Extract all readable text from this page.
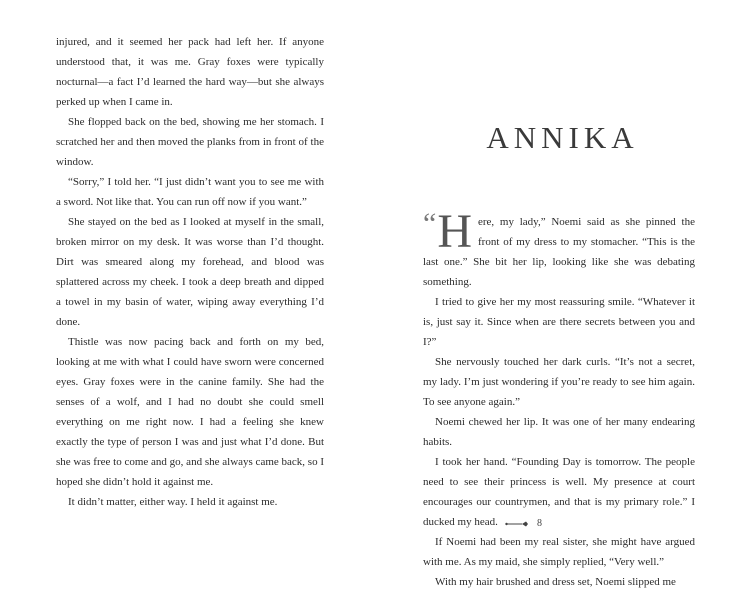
injured, and it seemed her pack had left her. If anyone understood that, it was me. Gray foxes were typically nocturnal—a fact I’d learned the hard way—but she always perked up when I came in.

She flopped back on the bed, showing me her stomach. I scratched her and then moved the planks from in front of the window.

“Sorry,” I told her. “I just didn’t want you to see me with a sword. Not like that. You can run off now if you want.”

She stayed on the bed as I looked at myself in the small, broken mirror on my desk. It was worse than I’d thought. Dirt was smeared along my forehead, and blood was splattered across my cheek. I took a deep breath and dipped a towel in my basin of water, wiping away everything I’d done.

Thistle was now pacing back and forth on my bed, looking at me with what I could have sworn were concerned eyes. Gray foxes were in the canine family. She had the senses of a wolf, and I had no doubt she could smell everything on me right now. I had a feeling she knew exactly the type of person I was and just what I’d done. But she was free to come and go, and she always came back, so I hoped she didn’t hold it against me.

It didn’t matter, either way. I held it against me.

ANNIKA

“H ere, my lady,” Noemi said as she pinned the front of my dress to my stomacher. “This is the last one.” She bit her lip, looking like she was debating something.

I tried to give her my most reassuring smile. “Whatever it is, just say it. Since when are there secrets between you and I?”

She nervously touched her dark curls. “It’s not a secret, my lady. I’m just wondering if you’re ready to see him again. To see anyone again.”

Noemi chewed her lip. It was one of her many endearing habits.

I took her hand. “Founding Day is tomorrow. The people need to see their princess is well. My presence at court encourages our countrymen, and that is my primary role.” I ducked my head.

If Noemi had been my real sister, she might have argued with me. As my maid, she simply replied, “Very well.”

With my hair brushed and dress set, Noemi slipped me

8
